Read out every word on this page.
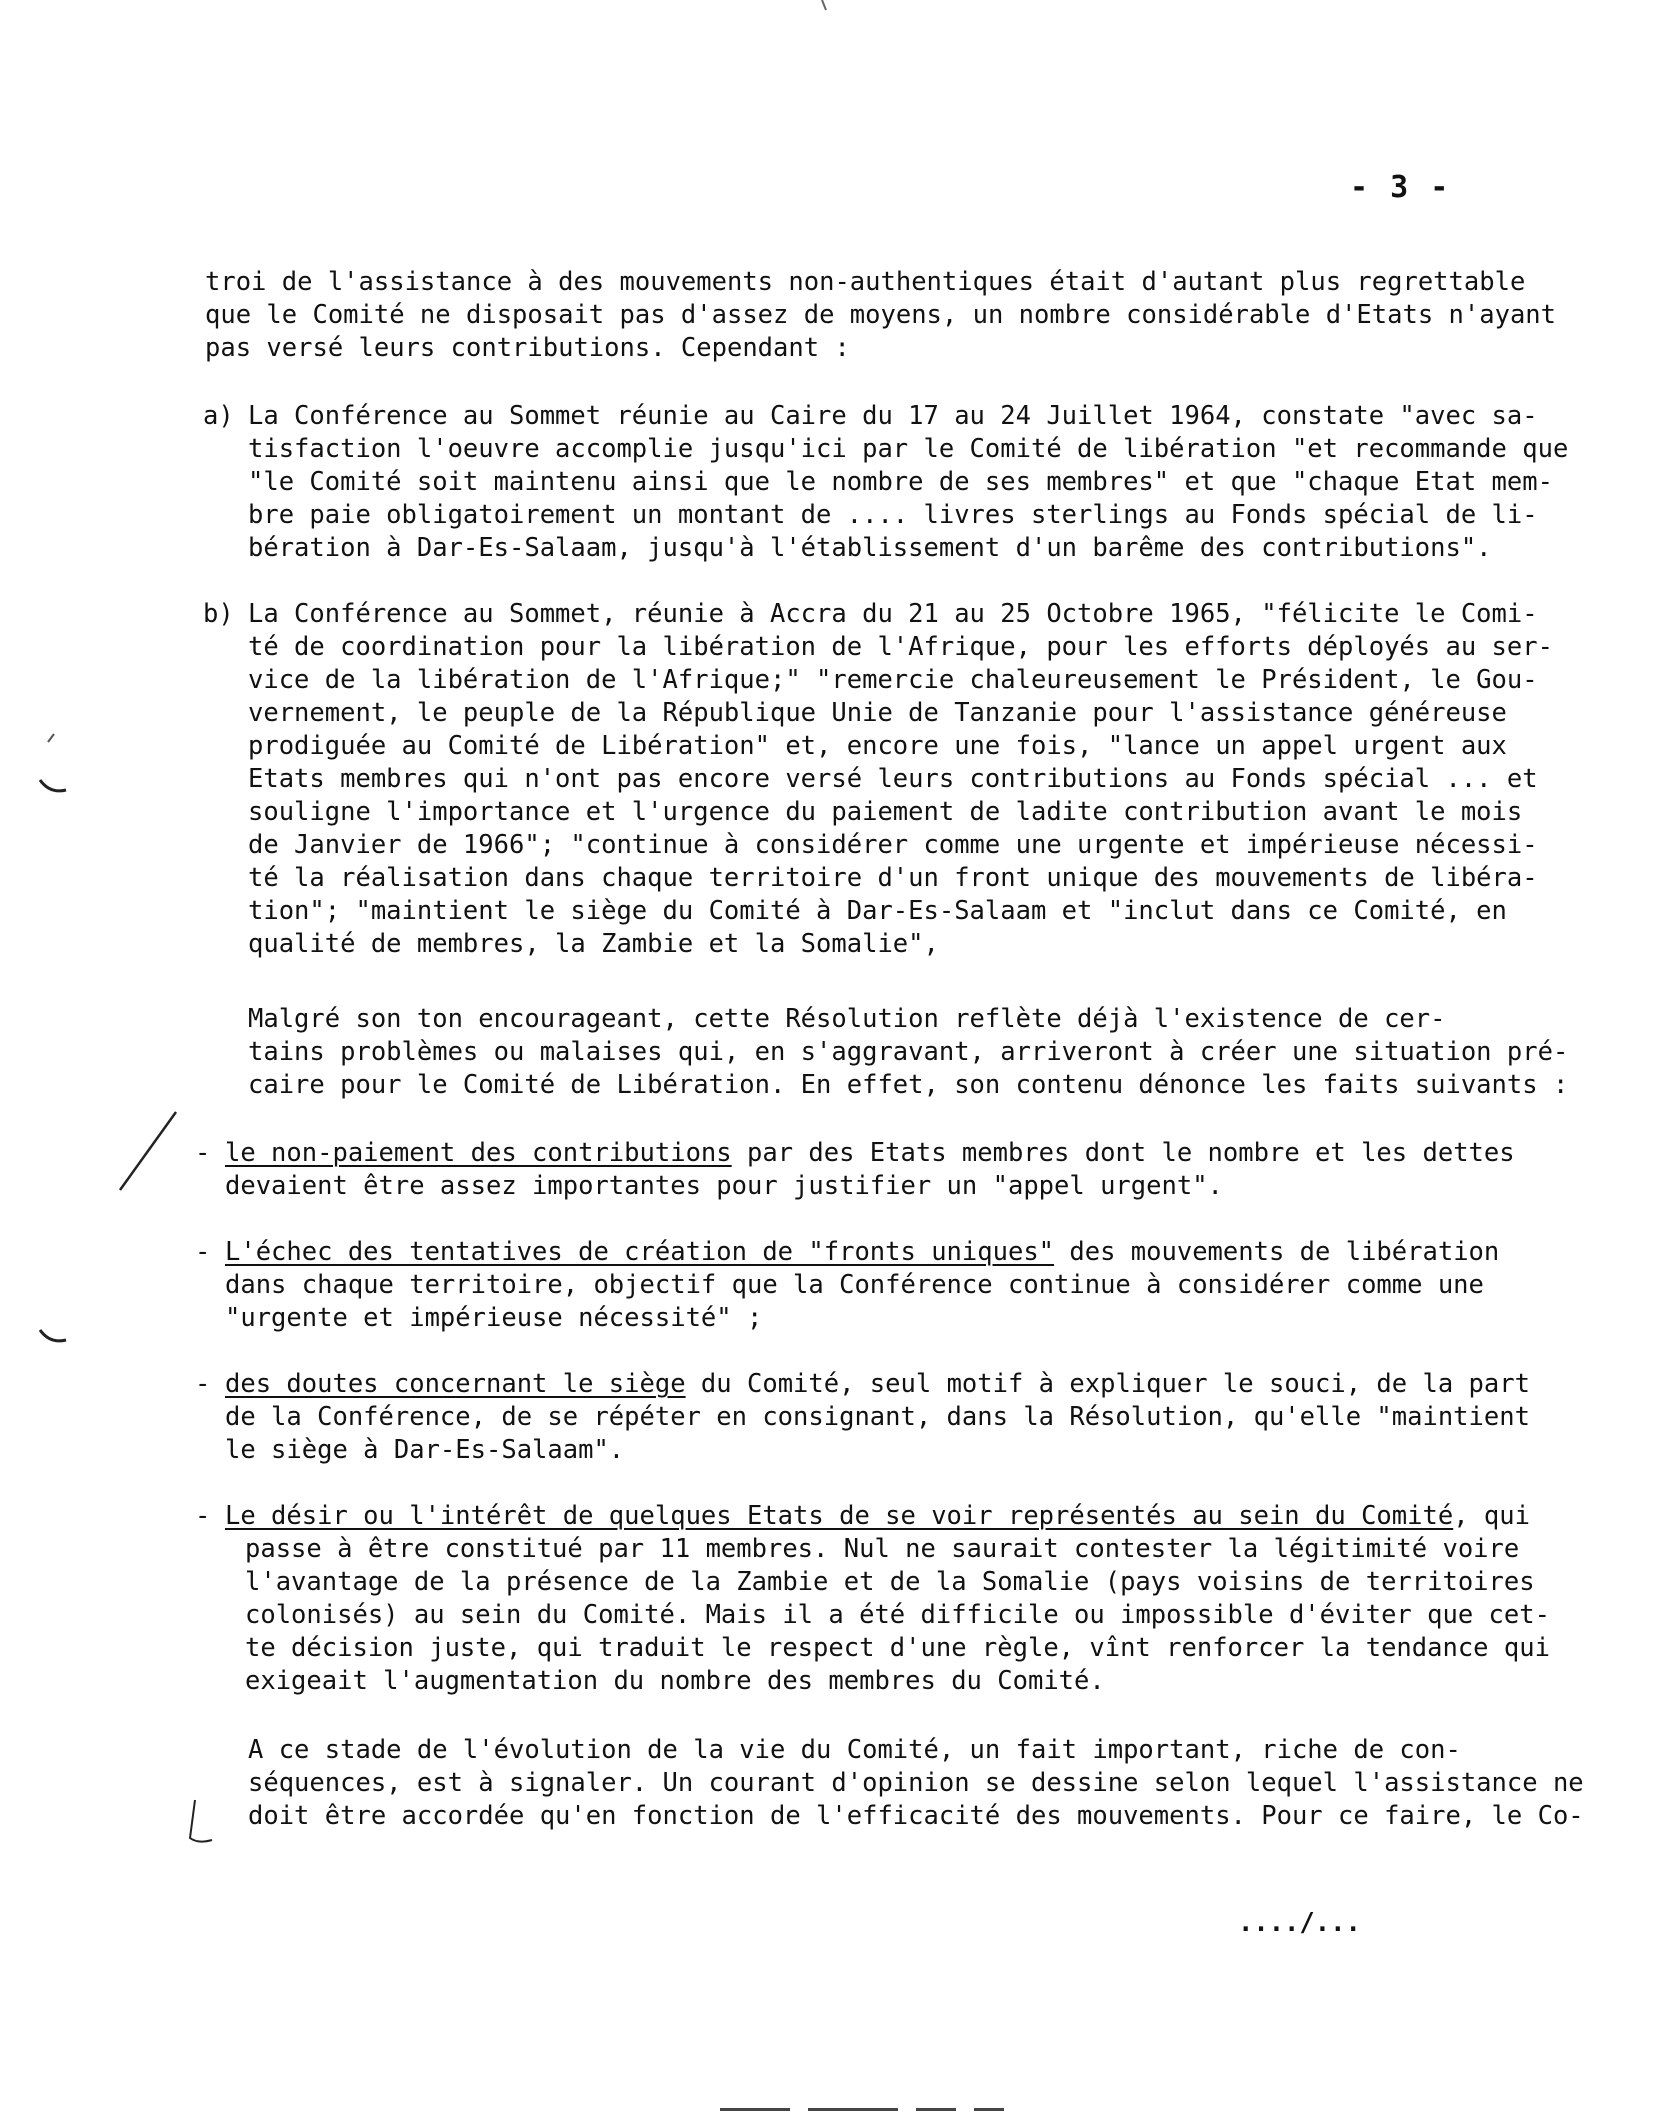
- 3 -
troi de l'assistance à des mouvements non-authentiques était d'autant plus regrettable
que le Comité ne disposait pas d'assez de moyens, un nombre considérable d'Etats n'ayant
pas versé leurs contributions. Cependant :
a) La Conférence au Sommet réunie au Caire du 17 au 24 Juillet 1964, constate "avec sa-
tisfaction l'oeuvre accomplie jusqu'ici par le Comité de libération "et recommande que
"le Comité soit maintenu ainsi que le nombre de ses membres" et que "chaque Etat mem-
bre paie obligatoirement un montant de .... livres sterlings au Fonds spécial de li-
bération à Dar-Es-Salaam, jusqu'à l'établissement d'un barême des contributions".
b) La Conférence au Sommet, réunie à Accra du 21 au 25 Octobre 1965, "félicite le Comi-
té de coordination pour la libération de l'Afrique, pour les efforts déployés au ser-
vice de la libération de l'Afrique;" "remercie chaleureusement le Président, le Gou-
vernement, le peuple de la République Unie de Tanzanie pour l'assistance généreuse
prodiguée au Comité de Libération" et, encore une fois, "lance un appel urgent aux
Etats membres qui n'ont pas encore versé leurs contributions au Fonds spécial ... et
souligne l'importance et l'urgence du paiement de ladite contribution avant le mois
de Janvier de 1966"; "continue à considérer comme une urgente et impérieuse nécessi-
té la réalisation dans chaque territoire d'un front unique des mouvements de libéra-
tion"; "maintient le siège du Comité à Dar-Es-Salaam et "inclut dans ce Comité, en
qualité de membres, la Zambie et la Somalie",
Malgré son ton encourageant, cette Résolution reflète déjà l'existence de cer-
tains problèmes ou malaises qui, en s'aggravant, arriveront à créer une situation pré-
caire pour le Comité de Libération. En effet, son contenu dénonce les faits suivants :
- le non-paiement des contributions par des Etats membres dont le nombre et les dettes
devaient être assez importantes pour justifier un "appel urgent".
- L'échec des tentatives de création de "fronts uniques" des mouvements de libération
dans chaque territoire, objectif que la Conférence continue à considérer comme une
"urgente et impérieuse nécessité" ;
- des doutes concernant le siège du Comité, seul motif à expliquer le souci, de la part
de la Conférence, de se répéter en consignant, dans la Résolution, qu'elle "maintient
le siège à Dar-Es-Salaam".
- Le désir ou l'intérêt de quelques Etats de se voir représentés au sein du Comité, qui
passe à être constitué par 11 membres. Nul ne saurait contester la légitimité voire
l'avantage de la présence de la Zambie et de la Somalie (pays voisins de territoires
colonisés) au sein du Comité. Mais il a été difficile ou impossible d'éviter que cet-
te décision juste, qui traduit le respect d'une règle, vînt renforcer la tendance qui
exigeait l'augmentation du nombre des membres du Comité.
A ce stade de l'évolution de la vie du Comité, un fait important, riche de con-
séquences, est à signaler. Un courant d'opinion se dessine selon lequel l'assistance ne
doit être accordée qu'en fonction de l'efficacité des mouvements. Pour ce faire, le Co-
..../...
